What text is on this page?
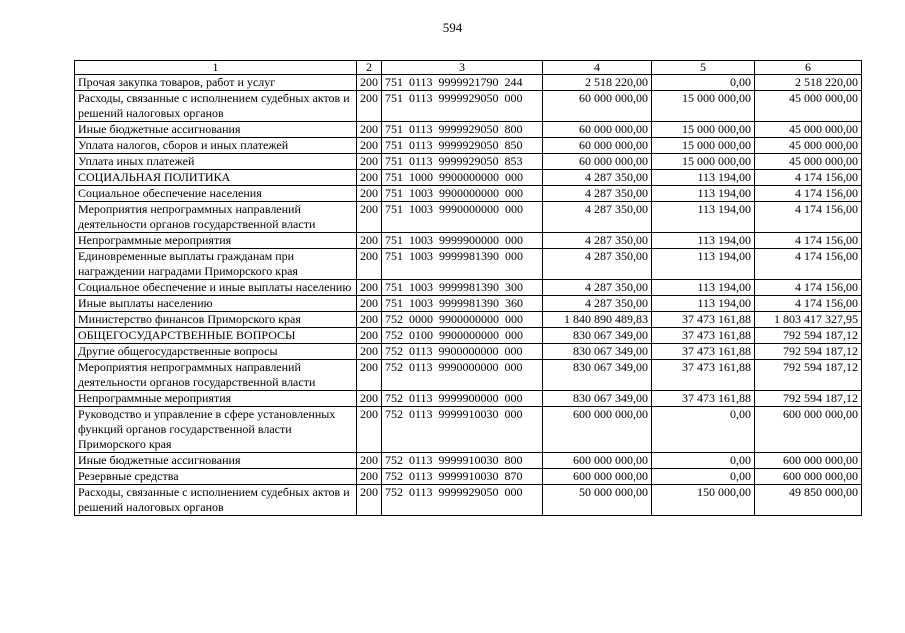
594
1	2	3	4	5	6
Прочая закупка товаров, работ и услуг	200	751  0113  9999921790  244	2 518 220,00	0,00	2 518 220,00
Расходы, связанные с исполнением судебных актов и решений налоговых органов	200	751  0113  9999929050  000	60 000 000,00	15 000 000,00	45 000 000,00
Иные бюджетные ассигнования	200	751  0113  9999929050  800	60 000 000,00	15 000 000,00	45 000 000,00
Уплата налогов, сборов и иных платежей	200	751  0113  9999929050  850	60 000 000,00	15 000 000,00	45 000 000,00
Уплата иных платежей	200	751  0113  9999929050  853	60 000 000,00	15 000 000,00	45 000 000,00
СОЦИАЛЬНАЯ ПОЛИТИКА	200	751  1000  9900000000  000	4 287 350,00	113 194,00	4 174 156,00
Социальное обеспечение населения	200	751  1003  9900000000  000	4 287 350,00	113 194,00	4 174 156,00
Мероприятия непрограммных направлений деятельности органов государственной власти	200	751  1003  9990000000  000	4 287 350,00	113 194,00	4 174 156,00
Непрограммные мероприятия	200	751  1003  9999900000  000	4 287 350,00	113 194,00	4 174 156,00
Единовременные выплаты гражданам при награждении наградами Приморского края	200	751  1003  9999981390  000	4 287 350,00	113 194,00	4 174 156,00
Социальное обеспечение и иные выплаты населению	200	751  1003  9999981390  300	4 287 350,00	113 194,00	4 174 156,00
Иные выплаты населению	200	751  1003  9999981390  360	4 287 350,00	113 194,00	4 174 156,00
Министерство финансов Приморского края	200	752  0000  9900000000  000	1 840 890 489,83	37 473 161,88	1 803 417 327,95
ОБЩЕГОСУДАРСТВЕННЫЕ ВОПРОСЫ	200	752  0100  9900000000  000	830 067 349,00	37 473 161,88	792 594 187,12
Другие общегосударственные вопросы	200	752  0113  9900000000  000	830 067 349,00	37 473 161,88	792 594 187,12
Мероприятия непрограммных направлений деятельности органов государственной власти	200	752  0113  9990000000  000	830 067 349,00	37 473 161,88	792 594 187,12
Непрограммные мероприятия	200	752  0113  9999900000  000	830 067 349,00	37 473 161,88	792 594 187,12
Руководство и управление в сфере установленных функций органов государственной власти Приморского края	200	752  0113  9999910030  000	600 000 000,00	0,00	600 000 000,00
Иные бюджетные ассигнования	200	752  0113  9999910030  800	600 000 000,00	0,00	600 000 000,00
Резервные средства	200	752  0113  9999910030  870	600 000 000,00	0,00	600 000 000,00
Расходы, связанные с исполнением судебных актов и решений налоговых органов	200	752  0113  9999929050  000	50 000 000,00	150 000,00	49 850 000,00
